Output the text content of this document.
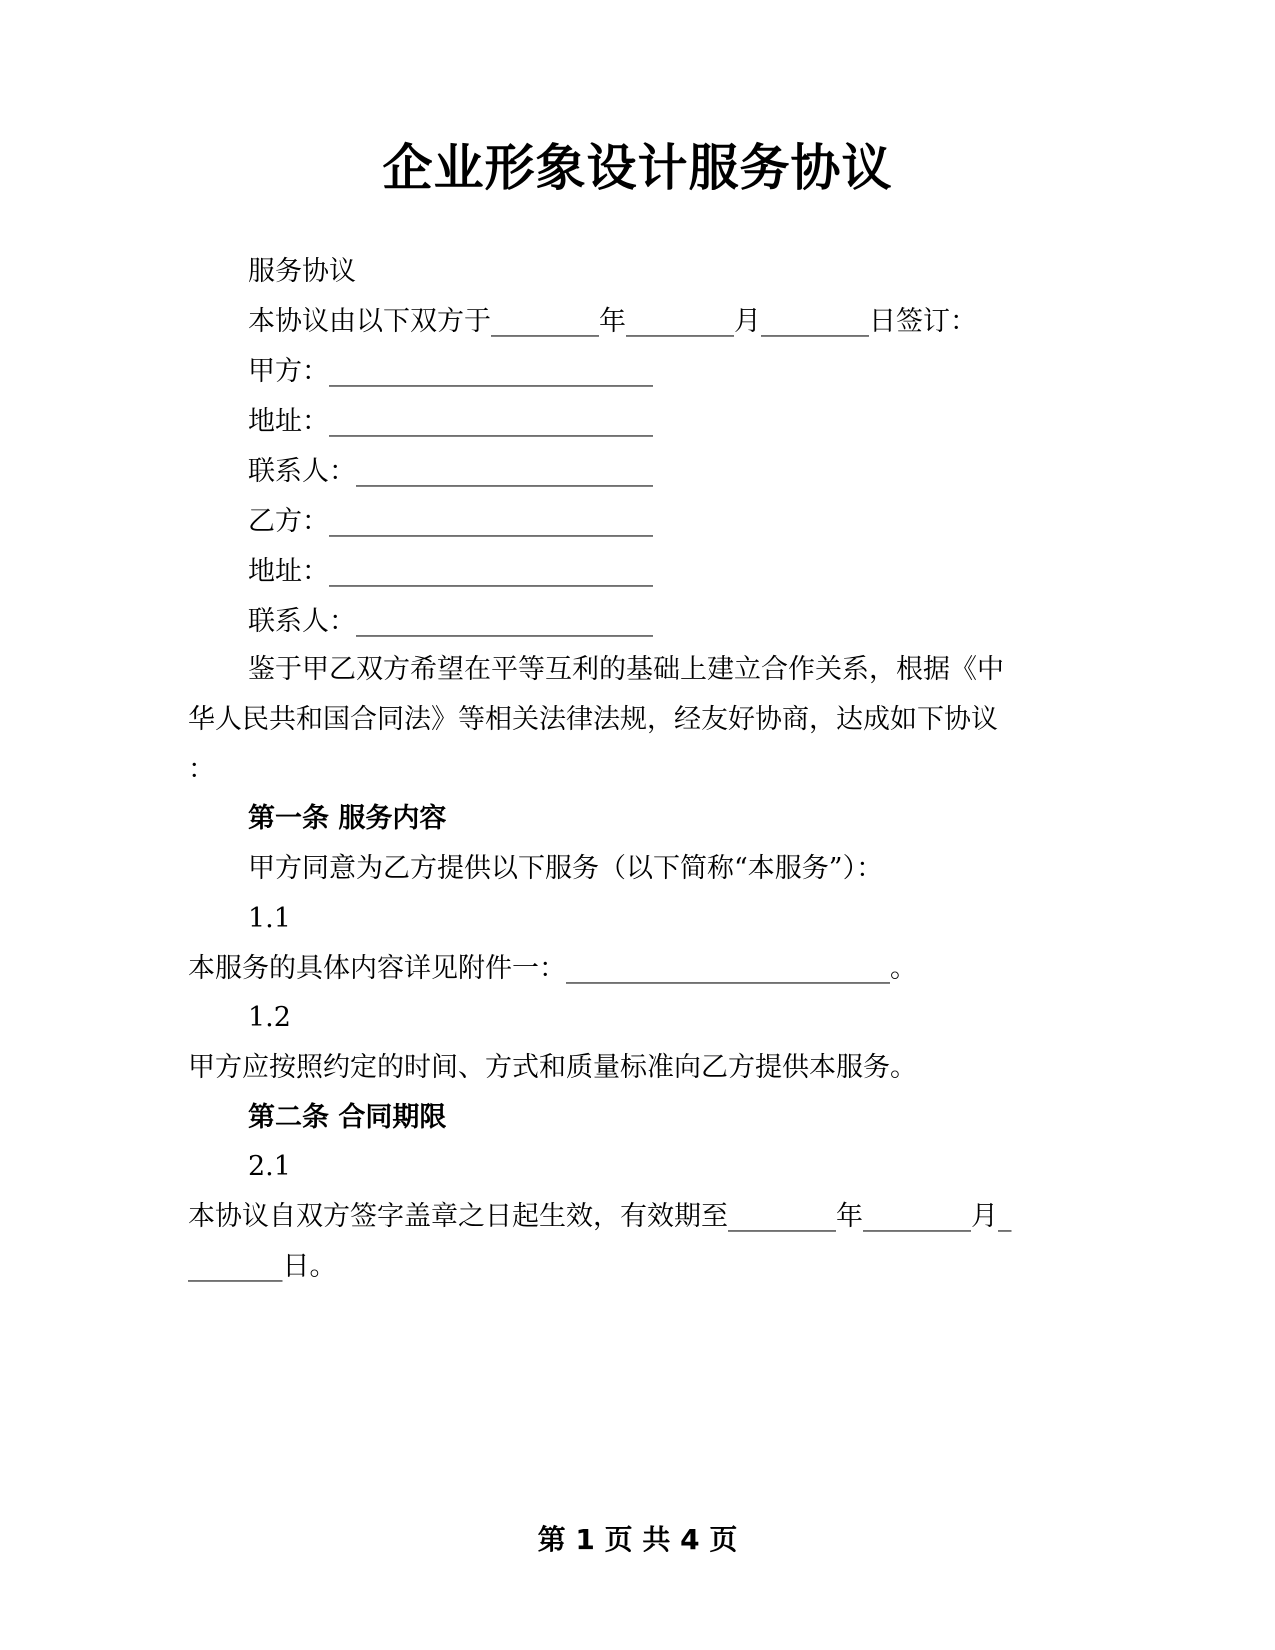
企业形象设计服务协议
服务协议
本协议由以下双方于________年________月________日签订：
甲方：________________________
地址：________________________
联系人：______________________
乙方：________________________
地址：________________________
联系人：______________________
鉴于甲乙双方希望在平等互利的基础上建立合作关系，根据《中
华人民共和国合同法》等相关法律法规，经友好协商，达成如下协议
：
第一条 服务内容
甲方同意为乙方提供以下服务（以下简称“本服务”）：
1.1
本服务的具体内容详见附件一：________________________。
1.2
甲方应按照约定的时间、方式和质量标准向乙方提供本服务。
第二条 合同期限
2.1
本协议自双方签字盖章之日起生效，有效期至________年________月_
_______日。
第 1 页 共 4 页
